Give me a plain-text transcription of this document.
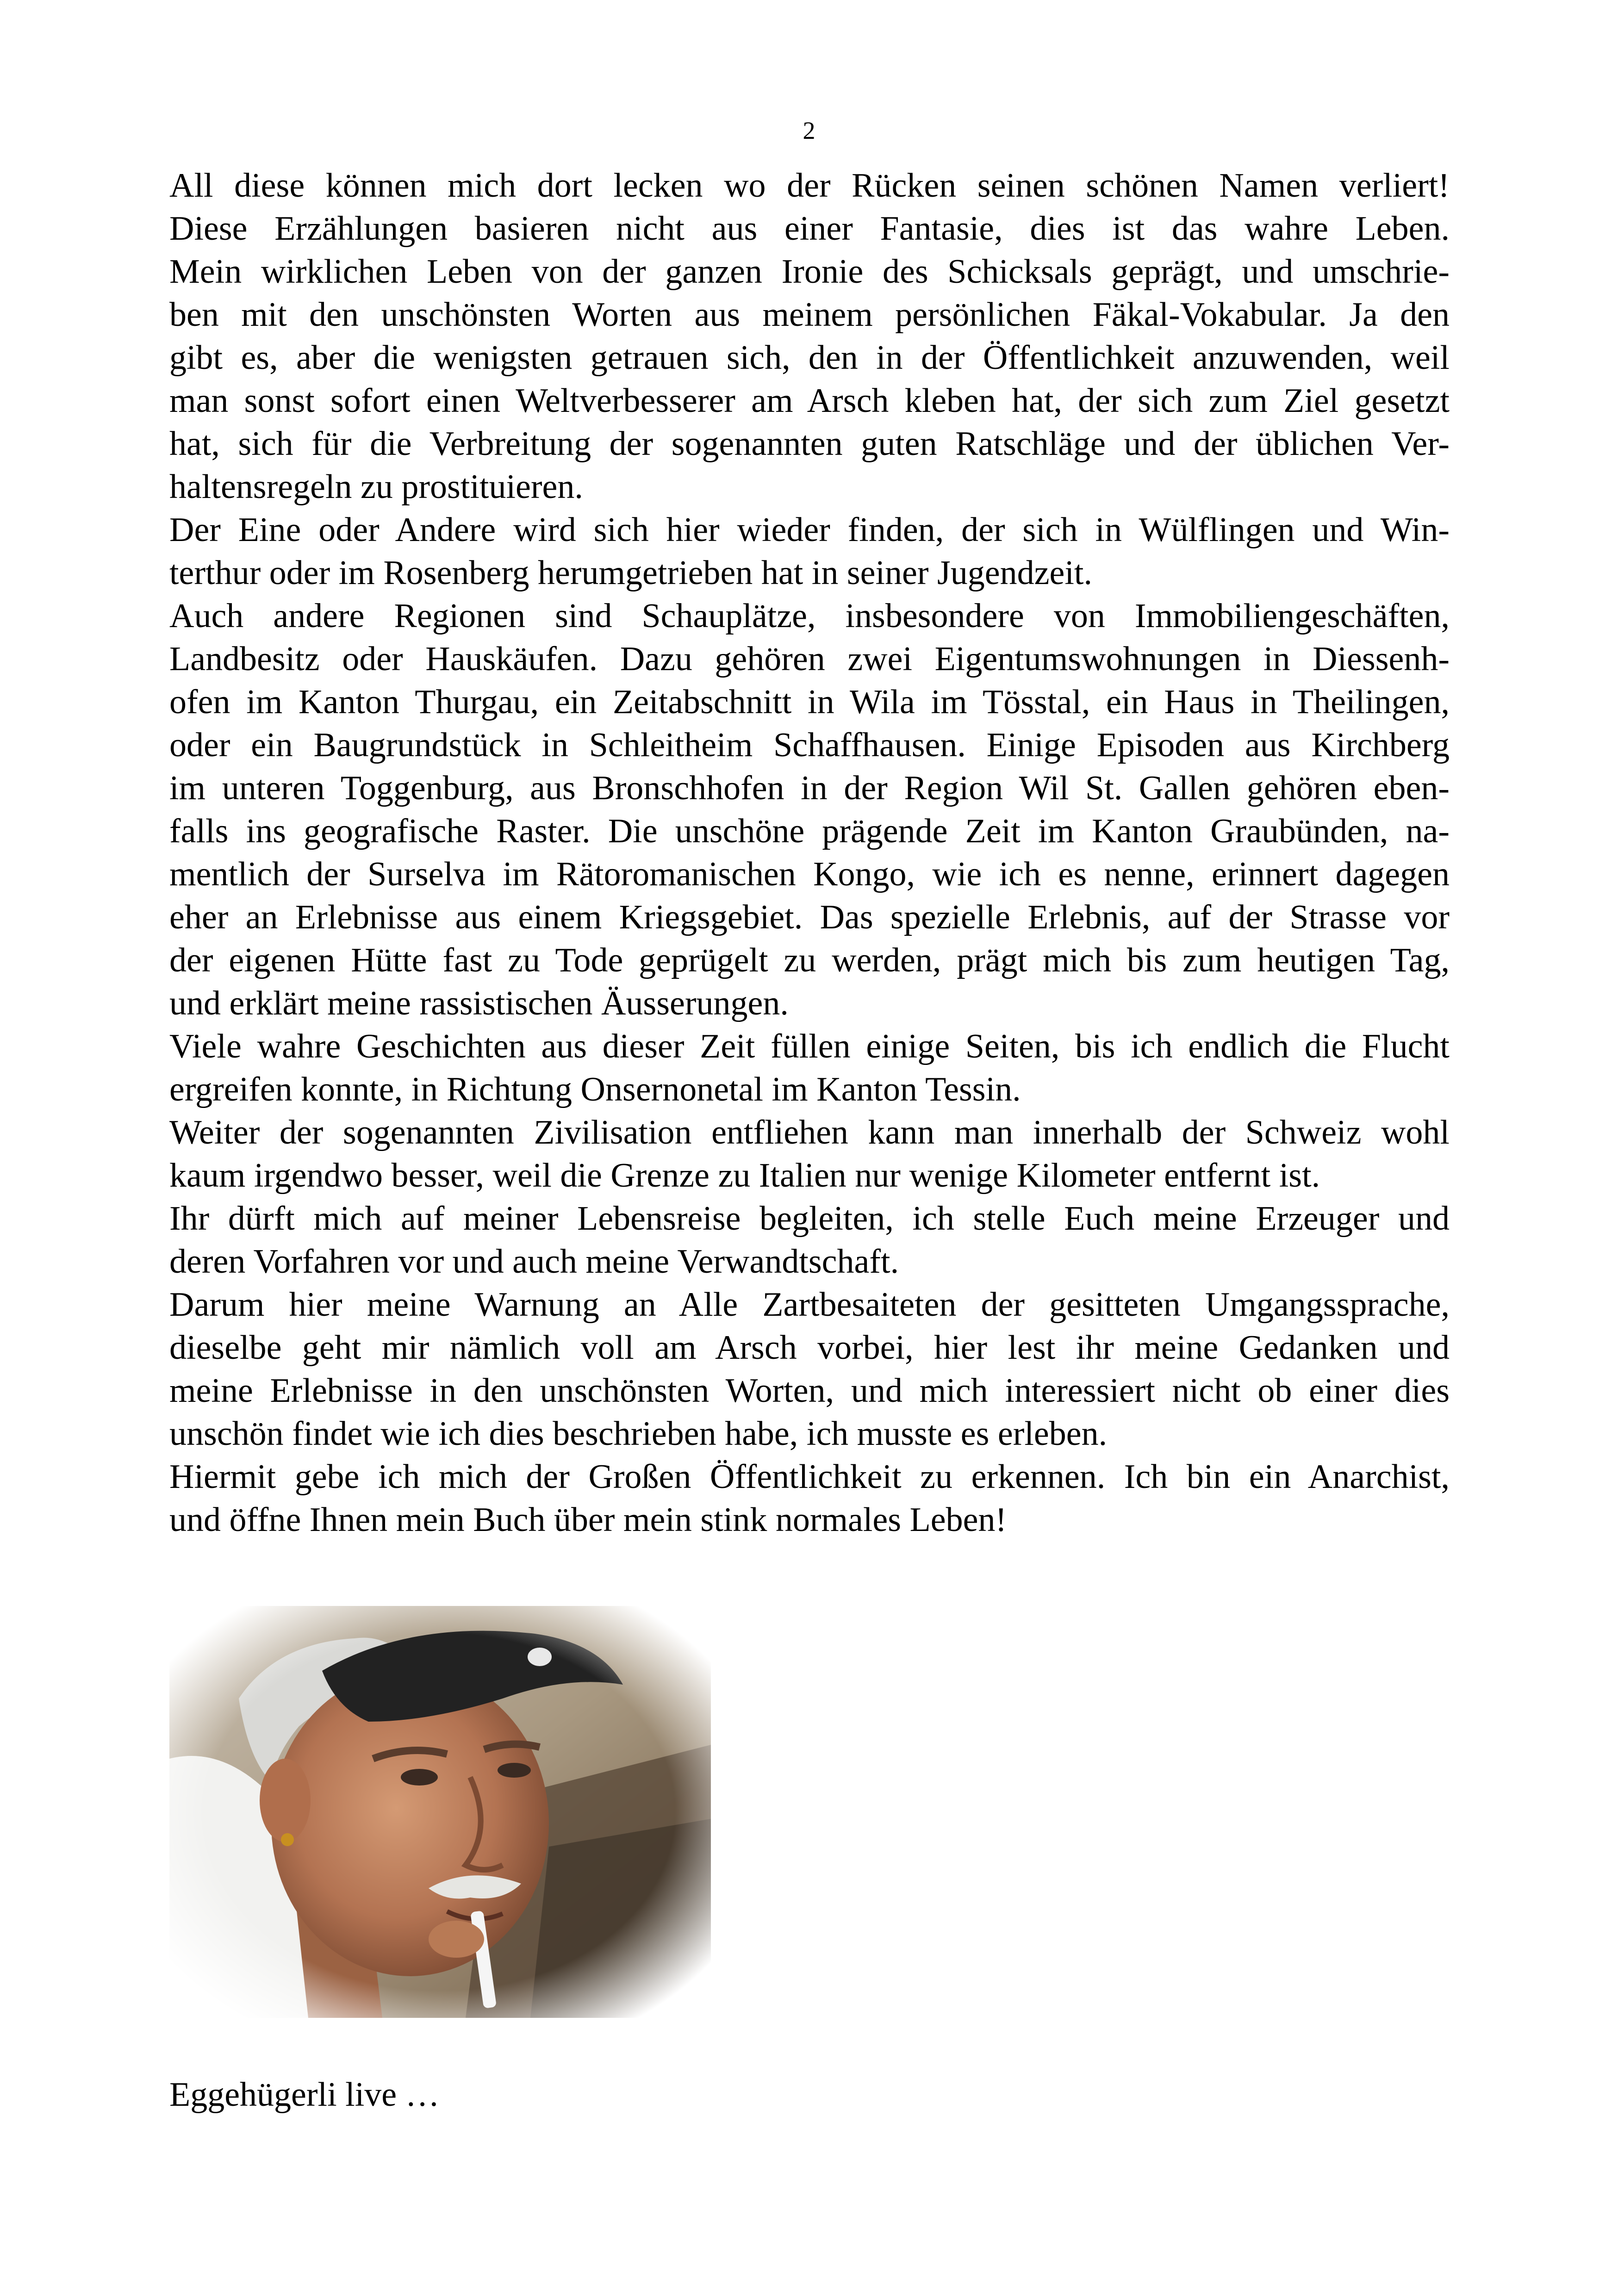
2
All diese können mich dort lecken wo der Rücken seinen schönen Namen verliert!
Diese Erzählungen basieren nicht aus einer Fantasie, dies ist das wahre Leben.
Mein wirklichen Leben von der ganzen Ironie des Schicksals geprägt, und umschrie-
ben mit den unschönsten Worten aus meinem persönlichen Fäkal-Vokabular. Ja den
gibt es, aber die wenigsten getrauen sich, den in der Öffentlichkeit anzuwenden, weil
man sonst sofort einen Weltverbesserer am Arsch kleben hat, der sich zum Ziel gesetzt
hat, sich für die Verbreitung der sogenannten guten Ratschläge und der üblichen Ver-
haltensregeln zu prostituieren.
Der Eine oder Andere wird sich hier wieder finden, der sich in Wülflingen und Win-
terthur oder im Rosenberg herumgetrieben hat in seiner Jugendzeit.
Auch andere Regionen sind Schauplätze, insbesondere von Immobiliengeschäften,
Landbesitz oder Hauskäufen. Dazu gehören zwei Eigentumswohnungen in Diessenh-
ofen im Kanton Thurgau, ein Zeitabschnitt in Wila im Tösstal, ein Haus in Theilingen,
oder ein Baugrundstück in Schleitheim Schaffhausen. Einige Episoden aus Kirchberg
im unteren Toggenburg, aus Bronschhofen in der Region Wil St. Gallen gehören eben-
falls ins geografische Raster. Die unschöne prägende Zeit im Kanton Graubünden, na-
mentlich der Surselva im Rätoromanischen Kongo, wie ich es nenne, erinnert dagegen
eher an Erlebnisse aus einem Kriegsgebiet. Das spezielle Erlebnis, auf der Strasse vor
der eigenen Hütte fast zu Tode geprügelt zu werden, prägt mich bis zum heutigen Tag,
und erklärt meine rassistischen Äusserungen.
Viele wahre Geschichten aus dieser Zeit füllen einige Seiten, bis ich endlich die Flucht
ergreifen konnte, in Richtung Onsernonetal im Kanton Tessin.
Weiter der sogenannten Zivilisation entfliehen kann man innerhalb der Schweiz wohl
kaum irgendwo besser, weil die Grenze zu Italien nur wenige Kilometer entfernt ist.
Ihr dürft mich auf meiner Lebensreise begleiten, ich stelle Euch meine Erzeuger und
deren Vorfahren vor und auch meine Verwandtschaft.
Darum hier meine Warnung an Alle Zartbesaiteten der gesitteten Umgangssprache,
dieselbe geht mir nämlich voll am Arsch vorbei, hier lest ihr meine Gedanken und
meine Erlebnisse in den unschönsten Worten, und mich interessiert nicht ob einer dies
unschön findet wie ich dies beschrieben habe, ich musste es erleben.
Hiermit gebe ich mich der Großen Öffentlichkeit zu erkennen. Ich bin ein Anarchist,
und öffne Ihnen mein Buch über mein stink normales Leben!
Eggehügerli live …
